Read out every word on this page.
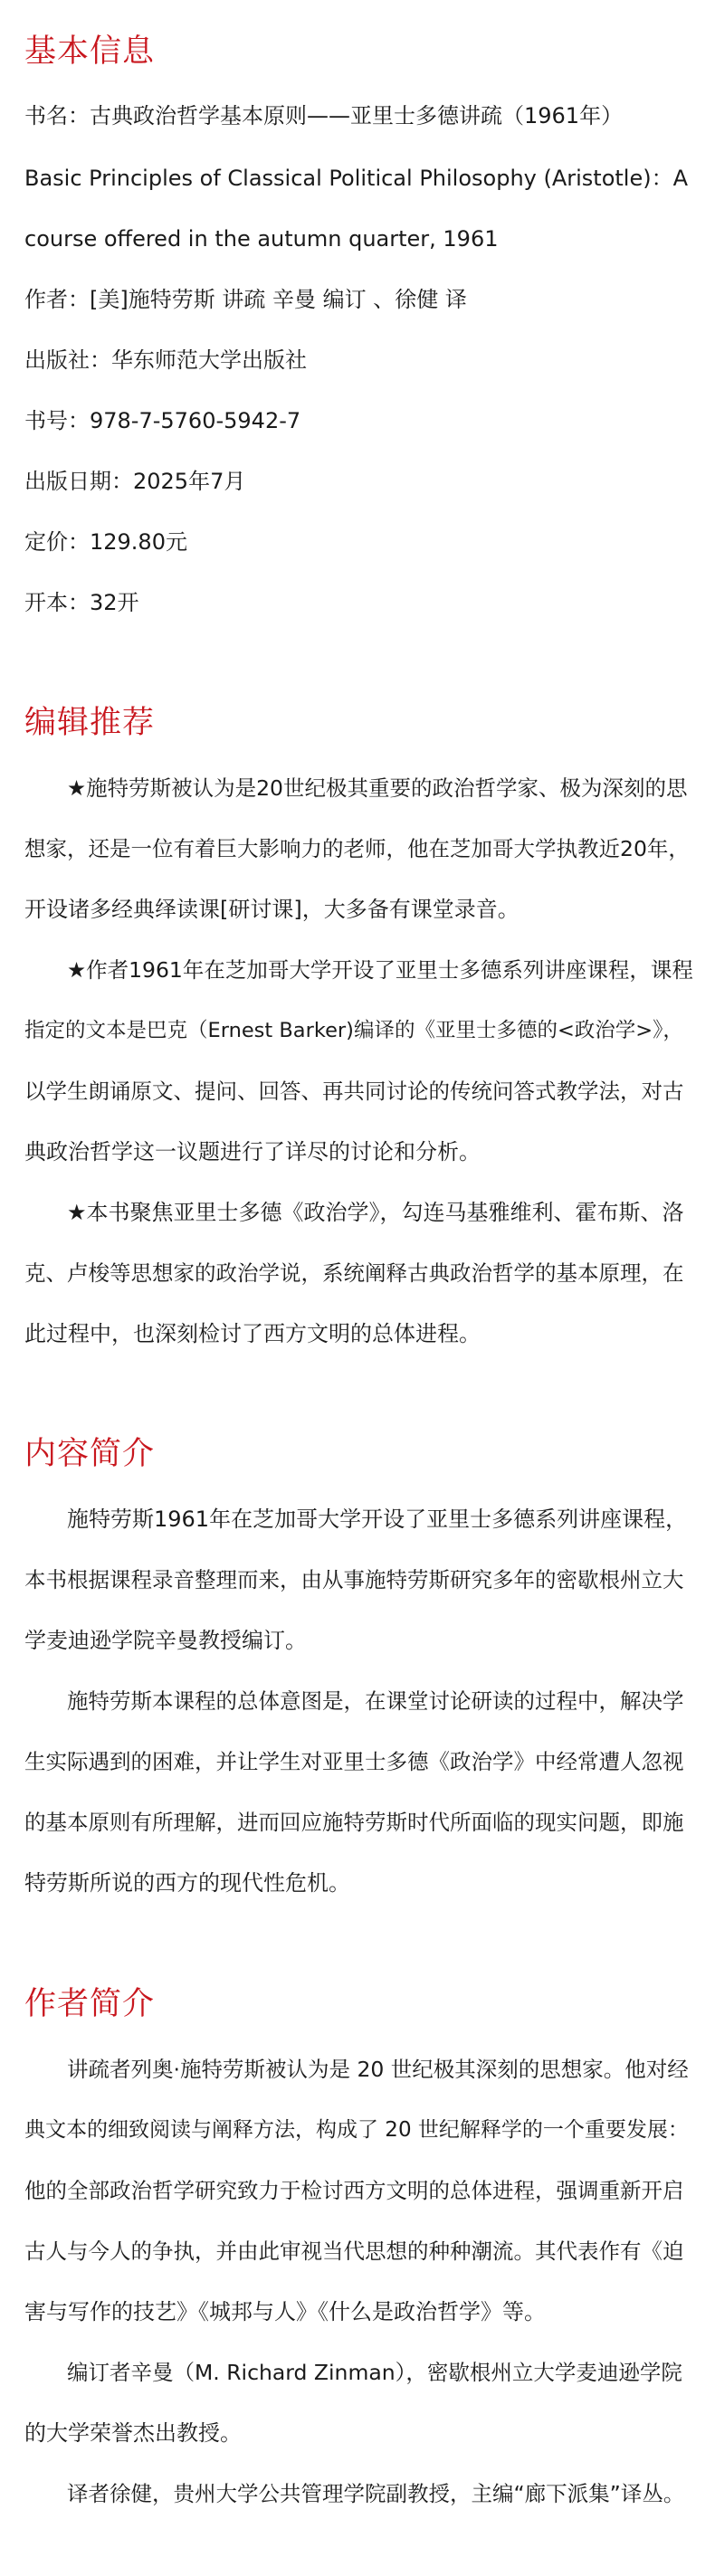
基本信息

书名：古典政治哲学基本原则——亚里士多德讲疏（1961年）

Basic Principles of Classical Political Philosophy (Aristotle)：A

course offered in the autumn quarter, 1961

作者：[美]施特劳斯 讲疏 辛曼 编订 、徐健 译

出版社：华东师范大学出版社

书号：978-7-5760-5942-7

出版日期：2025年7月

定价：129.80元

开本：32开

编辑推荐

★施特劳斯被认为是20世纪极其重要的政治哲学家、极为深刻的思

想家，还是一位有着巨大影响力的老师，他在芝加哥大学执教近20年，

开设诸多经典绎读课[研讨课]，大多备有课堂录音。

★作者1961年在芝加哥大学开设了亚里士多德系列讲座课程，课程

指定的文本是巴克（Ernest Barker)编译的《亚里士多德的<政治学>》，

以学生朗诵原文、提问、回答、再共同讨论的传统问答式教学法，对古

典政治哲学这一议题进行了详尽的讨论和分析。

★本书聚焦亚里士多德《政治学》，勾连马基雅维利、霍布斯、洛

克、卢梭等思想家的政治学说，系统阐释古典政治哲学的基本原理，在

此过程中，也深刻检讨了西方文明的总体进程。

内容简介

施特劳斯1961年在芝加哥大学开设了亚里士多德系列讲座课程，

本书根据课程录音整理而来，由从事施特劳斯研究多年的密歇根州立大

学麦迪逊学院辛曼教授编订。

施特劳斯本课程的总体意图是，在课堂讨论研读的过程中，解决学

生实际遇到的困难，并让学生对亚里士多德《政治学》中经常遭人忽视

的基本原则有所理解，进而回应施特劳斯时代所面临的现实问题，即施

特劳斯所说的西方的现代性危机。

作者简介

讲疏者列奥·施特劳斯被认为是 20 世纪极其深刻的思想家。他对经

典文本的细致阅读与阐释方法，构成了 20 世纪解释学的一个重要发展：

他的全部政治哲学研究致力于检讨西方文明的总体进程，强调重新开启

古人与今人的争执，并由此审视当代思想的种种潮流。其代表作有《迫

害与写作的技艺》《城邦与人》《什么是政治哲学》等。

编订者辛曼（M. Richard Zinman），密歇根州立大学麦迪逊学院

的大学荣誉杰出教授。

译者徐健，贵州大学公共管理学院副教授，主编“廊下派集”译丛。
